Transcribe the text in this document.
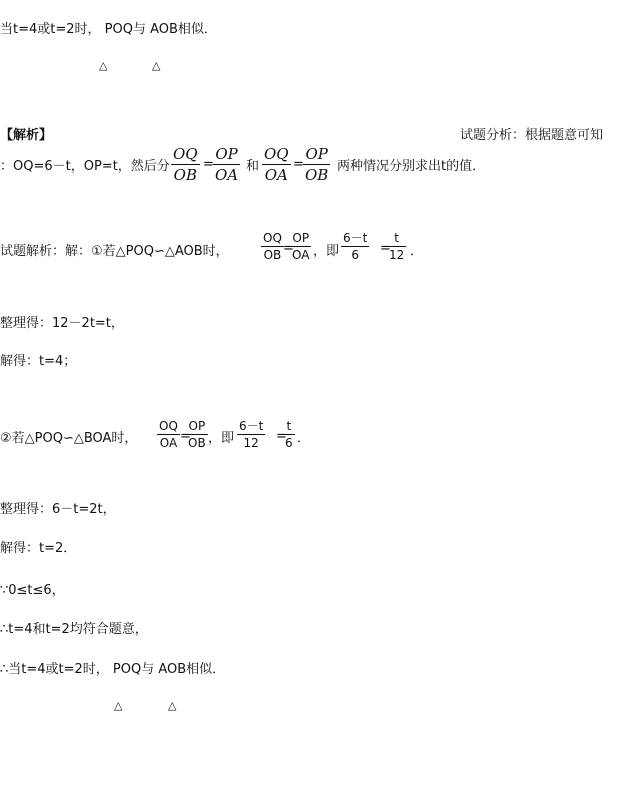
当t=4或t=2时， POQ与 AOB相似．
△	△
【解析】	试题分析：根据题意可知
：OQ=6－t，OP=t，然后分 $\frac{OQ}{OB} = \frac{OP}{OA}$ 和 $\frac{OQ}{OA} = \frac{OP}{OB}$ 两种情况分别求出t的值．
试题解析：解：①若△POQ∽△AOB时，	$\frac{OQ}{OB}$ =
$\frac{OP}{OA}$ ，即 $\frac{6-t}{6}$ =
$\frac{t}{12}$ ．
整理得：12－2t=t，
解得：t=4；
②若△POQ∽△BOA时， $\frac{OQ}{OA}$ =
$\frac{OP}{OB}$ ，即 $\frac{6-t}{12}$ =
$\frac{t}{6}$ ．
整理得：6－t=2t，
解得：t=2．
∵0≤t≤6，
∴t=4和t=2均符合题意，
∴当t=4或t=2时， POQ与 AOB相似．
△	△
